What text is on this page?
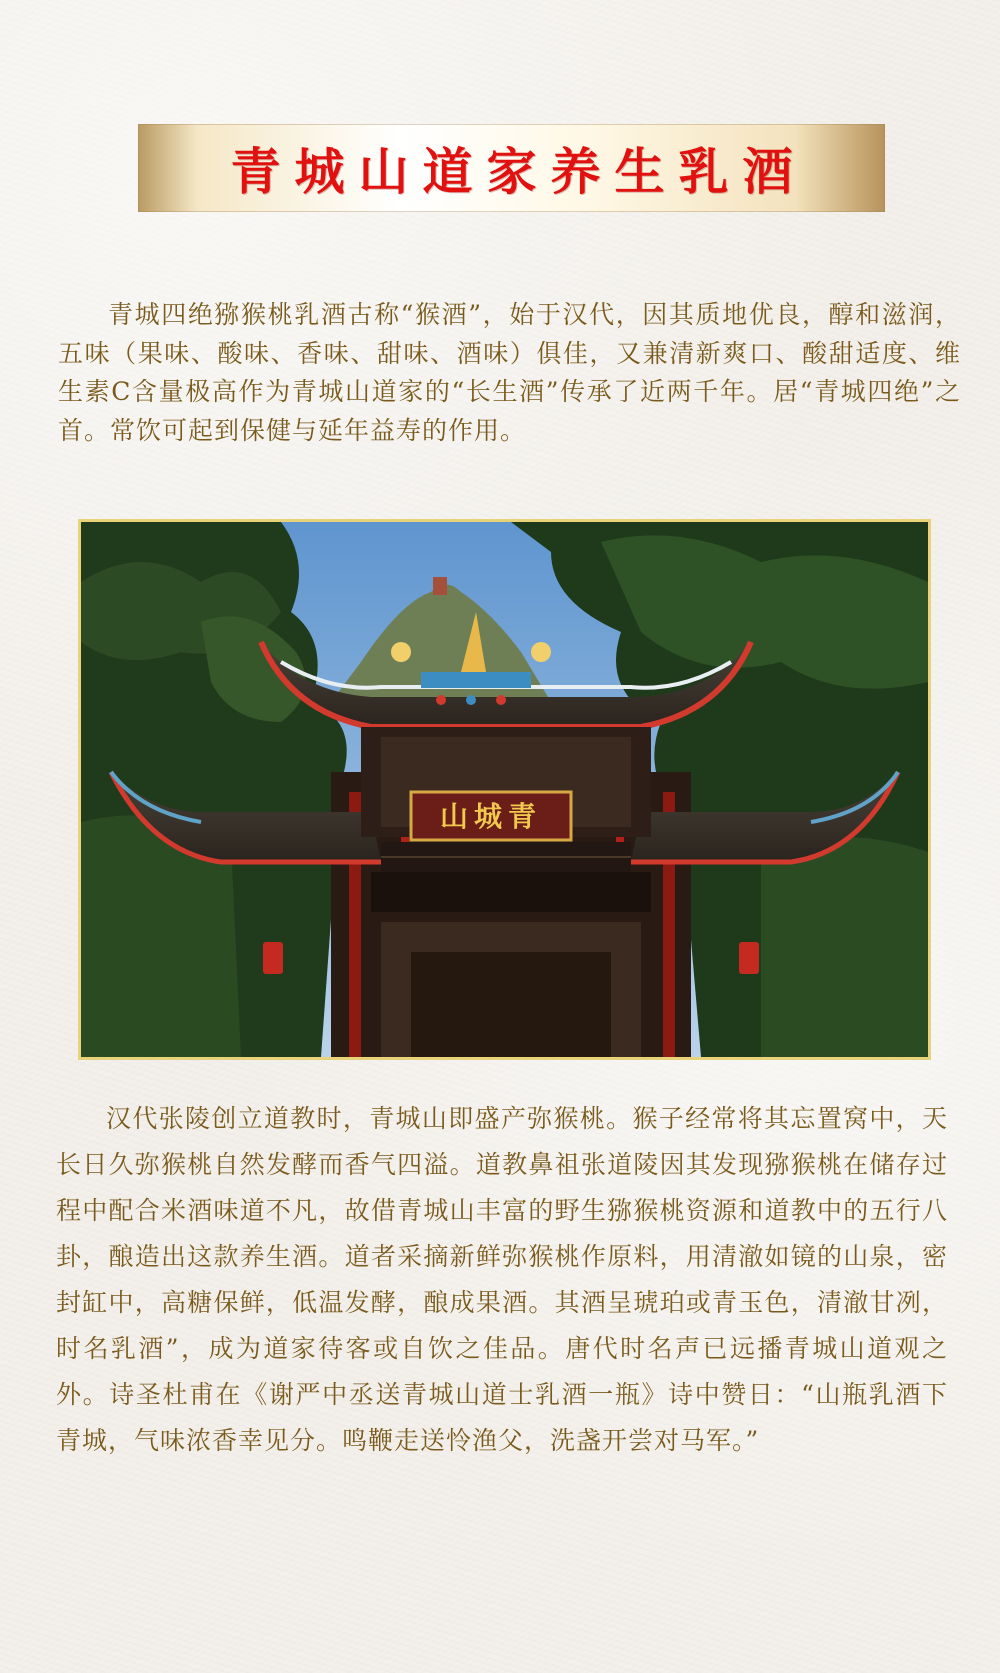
青城山道家养生乳酒

青城四绝猕猴桃乳酒古称“猴酒”，始于汉代，因其质地优良，醇和滋润，五味（果味、酸味、香味、甜味、酒味）俱佳，又兼清新爽口、酸甜适度、维生素C含量极高作为青城山道家的“长生酒”传承了近两千年。居“青城四绝”之首。常饮可起到保健与延年益寿的作用。

山城青

汉代张陵创立道教时，青城山即盛产弥猴桃。猴子经常将其忘置窝中，天长日久弥猴桃自然发酵而香气四溢。道教鼻祖张道陵因其发现猕猴桃在储存过程中配合米酒味道不凡，故借青城山丰富的野生猕猴桃资源和道教中的五行八卦，酿造出这款养生酒。道者采摘新鲜弥猴桃作原料，用清澈如镜的山泉，密封缸中，高糖保鲜，低温发酵，酿成果酒。其酒呈琥珀或青玉色，清澈甘冽，时名乳酒”，成为道家待客或自饮之佳品。唐代时名声已远播青城山道观之外。诗圣杜甫在《谢严中丞送青城山道士乳酒一瓶》诗中赞日：“山瓶乳酒下青城，气味浓香幸见分。鸣鞭走送怜渔父，洗盏开尝对马军。”
